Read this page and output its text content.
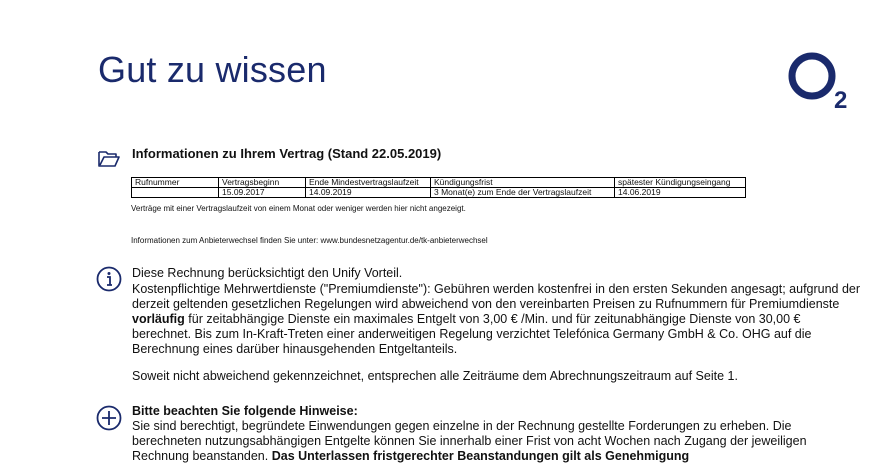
Gut zu wissen
2
Informationen zu Ihrem Vertrag (Stand 22.05.2019)
Rufnummer	Vertragsbeginn	Ende Mindestvertragslaufzeit	Kündigungsfrist	spätester Kündigungseingang
	15.09.2017	14.09.2019	3 Monat(e) zum Ende der Vertragslaufzeit	14.06.2019

Verträge mit einer Vertragslaufzeit von einem Monat oder weniger werden hier nicht angezeigt.

Informationen zum Anbieterwechsel finden Sie unter: www.bundesnetzagentur.de/tk-anbieterwechsel

Diese Rechnung berücksichtigt den Unify Vorteil.

Kostenpflichtige Mehrwertdienste ("Premiumdienste"): Gebühren werden kostenfrei in den ersten Sekunden angesagt; aufgrund der derzeit geltenden gesetzlichen Regelungen wird abweichend von den vereinbarten Preisen zu Rufnummern für Premiumdienste vorläufig für zeitabhängige Dienste ein maximales Entgelt von 3,00 € /Min. und für zeitunabhängige Dienste von 30,00 € berechnet. Bis zum In-Kraft-Treten einer anderweitigen Regelung verzichtet Telefónica Germany GmbH & Co. OHG auf die Berechnung eines darüber hinausgehenden Entgeltanteils.

Soweit nicht abweichend gekennzeichnet, entsprechen alle Zeiträume dem Abrechnungszeitraum auf Seite 1.

Bitte beachten Sie folgende Hinweise:

Sie sind berechtigt, begründete Einwendungen gegen einzelne in der Rechnung gestellte Forderungen zu erheben. Die berechneten nutzungsabhängigen Entgelte können Sie innerhalb einer Frist von acht Wochen nach Zugang der jeweiligen Rechnung beanstanden. Das Unterlassen fristgerechter Beanstandungen gilt als Genehmigung
